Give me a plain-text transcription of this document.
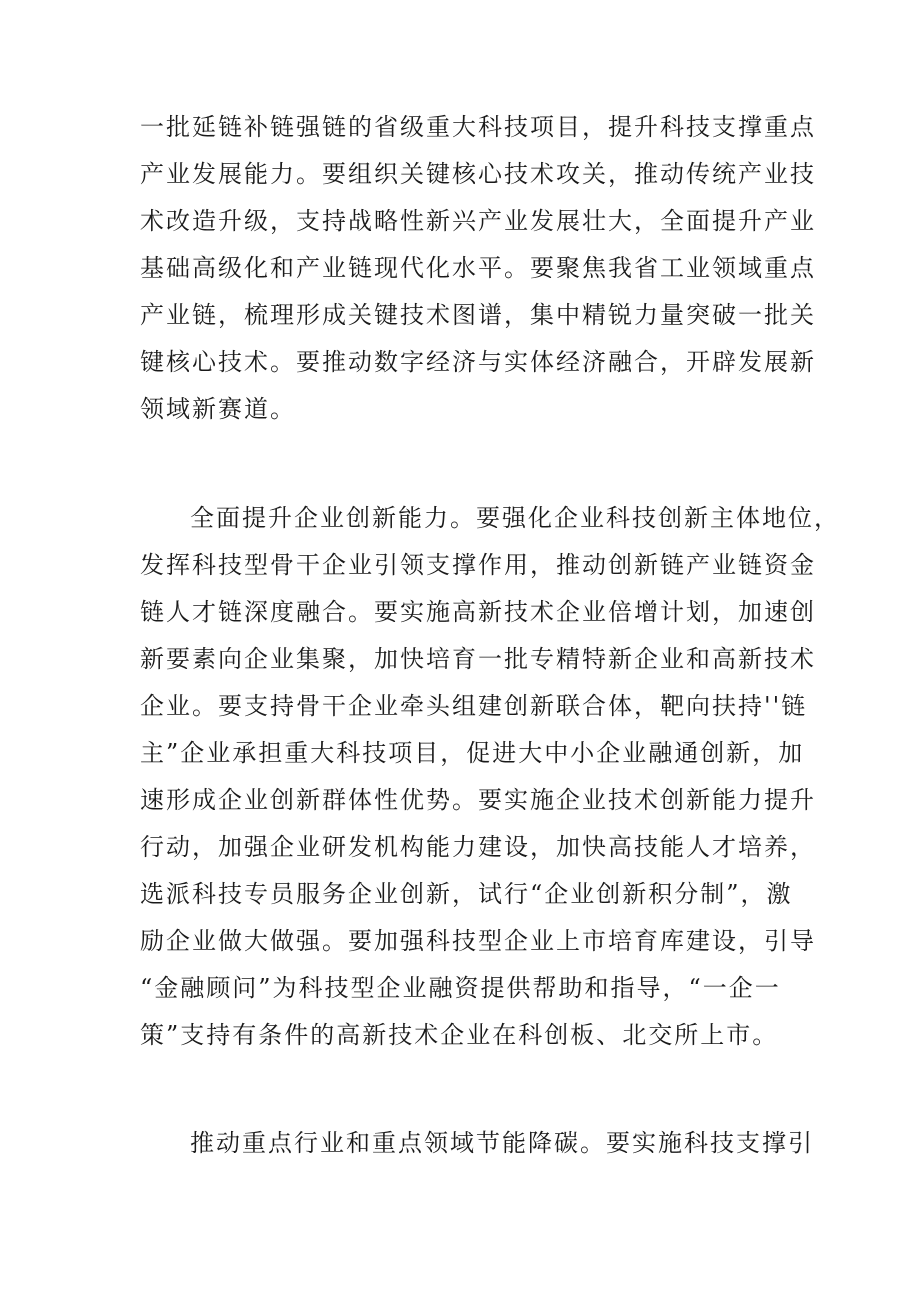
一批延链补链强链的省级重大科技项目，提升科技支撑重点
产业发展能力。要组织关键核心技术攻关，推动传统产业技
术改造升级，支持战略性新兴产业发展壮大，全面提升产业
基础高级化和产业链现代化水平。要聚焦我省工业领域重点
产业链，梳理形成关键技术图谱，集中精锐力量突破一批关
键核心技术。要推动数字经济与实体经济融合，开辟发展新
领域新赛道。
全面提升企业创新能力。要强化企业科技创新主体地位，
发挥科技型骨干企业引领支撑作用，推动创新链产业链资金
链人才链深度融合。要实施高新技术企业倍增计划，加速创
新要素向企业集聚，加快培育一批专精特新企业和高新技术
企业。要支持骨干企业牵头组建创新联合体，靶向扶持''链
主”企业承担重大科技项目，促进大中小企业融通创新，加
速形成企业创新群体性优势。要实施企业技术创新能力提升
行动，加强企业研发机构能力建设，加快高技能人才培养，
选派科技专员服务企业创新，试行“企业创新积分制”，激
励企业做大做强。要加强科技型企业上市培育库建设，引导
“金融顾问”为科技型企业融资提供帮助和指导，“一企一
策”支持有条件的高新技术企业在科创板、北交所上市。
推动重点行业和重点领域节能降碳。要实施科技支撑引
